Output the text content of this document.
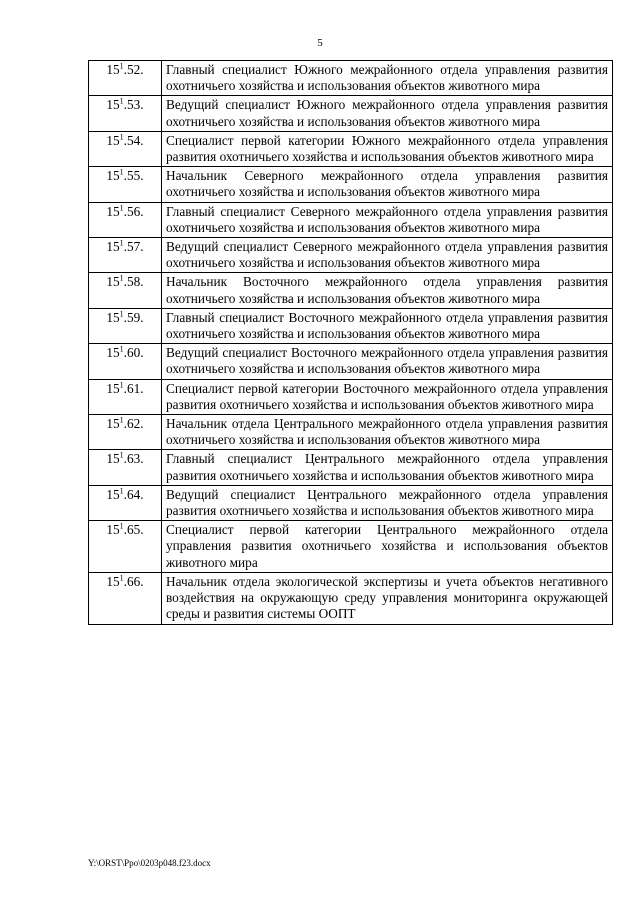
5
$15^1.52$.	Главный специалист Южного межрайонного отдела управления развития охотничьего хозяйства и использования объектов животного мира
$15^1.53$.	Ведущий специалист Южного межрайонного отдела управления развития охотничьего хозяйства и использования объектов животного мира
$15^1.54$.	Специалист первой категории Южного межрайонного отдела управления развития охотничьего хозяйства и использования объектов животного мира
$15^1.55$.	Начальник Северного межрайонного отдела управления развития охотничьего хозяйства и использования объектов животного мира
$15^1.56$.	Главный специалист Северного межрайонного отдела управления развития охотничьего хозяйства и использования объектов животного мира
$15^1.57$.	Ведущий специалист Северного межрайонного отдела управления развития охотничьего хозяйства и использования объектов животного мира
$15^1.58$.	Начальник Восточного межрайонного отдела управления развития охотничьего хозяйства и использования объектов животного мира
$15^1.59$.	Главный специалист Восточного межрайонного отдела управления развития охотничьего хозяйства и использования объектов животного мира
$15^1.60$.	Ведущий специалист Восточного межрайонного отдела управления развития охотничьего хозяйства и использования объектов животного мира
$15^1.61$.	Специалист первой категории Восточного межрайонного отдела управления развития охотничьего хозяйства и использования объектов животного мира
$15^1.62$.	Начальник отдела Центрального межрайонного отдела управления развития охотничьего хозяйства и использования объектов животного мира
$15^1.63$.	Главный специалист Центрального межрайонного отдела управления развития охотничьего хозяйства и использования объектов животного мира
$15^1.64$.	Ведущий специалист Центрального межрайонного отдела управления развития охотничьего хозяйства и использования объектов животного мира
$15^1.65$.	Специалист первой категории Центрального межрайонного отдела управления развития охотничьего хозяйства и использования объектов животного мира
$15^1.66$.	Начальник отдела экологической экспертизы и учета объектов негативного воздействия на окружающую среду управления мониторинга окружающей среды и развития системы ООПТ
Y:\ORST\Ppo\0203p048.f23.docx
